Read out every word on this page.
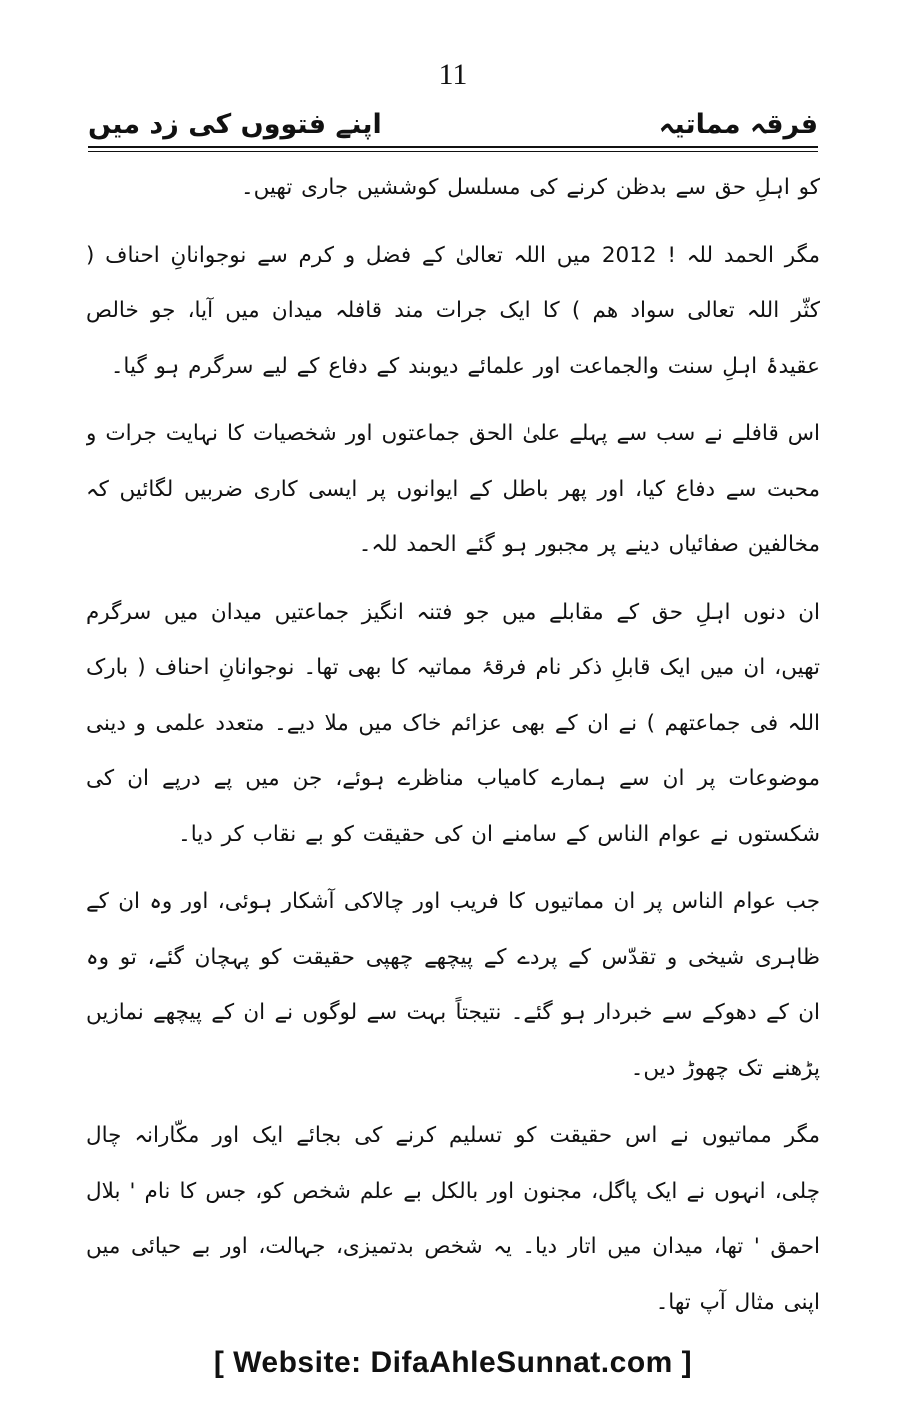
11
فرقہ مماتیہ
اپنے فتووں کی زد میں

کو اہلِ حق سے بدظن کرنے کی مسلسل کوششیں جاری تھیں۔

مگر الحمد للہ ! 2012 میں اللہ تعالیٰ کے فضل و کرم سے نوجوانانِ احناف ( کثّر اللہ تعالی سواد ھم ) کا ایک جرات مند قافلہ میدان میں آیا، جو خالص عقیدۂ اہلِ سنت والجماعت اور علمائے دیوبند کے دفاع کے لیے سرگرم ہو گیا۔

اس قافلے نے سب سے پہلے علیٰ الحق جماعتوں اور شخصیات کا نہایت جرات و محبت سے دفاع کیا، اور پھر باطل کے ایوانوں پر ایسی کاری ضربیں لگائیں کہ مخالفین صفائیاں دینے پر مجبور ہو گئے الحمد للہ۔

ان دنوں اہلِ حق کے مقابلے میں جو فتنہ انگیز جماعتیں میدان میں سرگرم تھیں، ان میں ایک قابلِ ذکر نام فرقۂ مماتیہ کا بھی تھا۔ نوجوانانِ احناف ( بارک اللہ فی جماعتھم ) نے ان کے بھی عزائم خاک میں ملا دیے۔ متعدد علمی و دینی موضوعات پر ان سے ہمارے کامیاب مناظرے ہوئے، جن میں پے درپے ان کی شکستوں نے عوام الناس کے سامنے ان کی حقیقت کو بے نقاب کر دیا۔

جب عوام الناس پر ان مماتیوں کا فریب اور چالاکی آشکار ہوئی، اور وہ ان کے ظاہری شیخی و تقدّس کے پردے کے پیچھے چھپی حقیقت کو پہچان گئے، تو وہ ان کے دھوکے سے خبردار ہو گئے۔ نتیجتاً بہت سے لوگوں نے ان کے پیچھے نمازیں پڑھنے تک چھوڑ دیں۔

مگر مماتیوں نے اس حقیقت کو تسلیم کرنے کی بجائے ایک اور مکّارانہ چال چلی، انہوں نے ایک پاگل، مجنون اور بالکل بے علم شخص کو، جس کا نام ' بلال احمق ' تھا، میدان میں اتار دیا۔ یہ شخص بدتمیزی، جہالت، اور بے حیائی میں اپنی مثال آپ تھا۔

[ Website: DifaAhleSunnat.com ]
